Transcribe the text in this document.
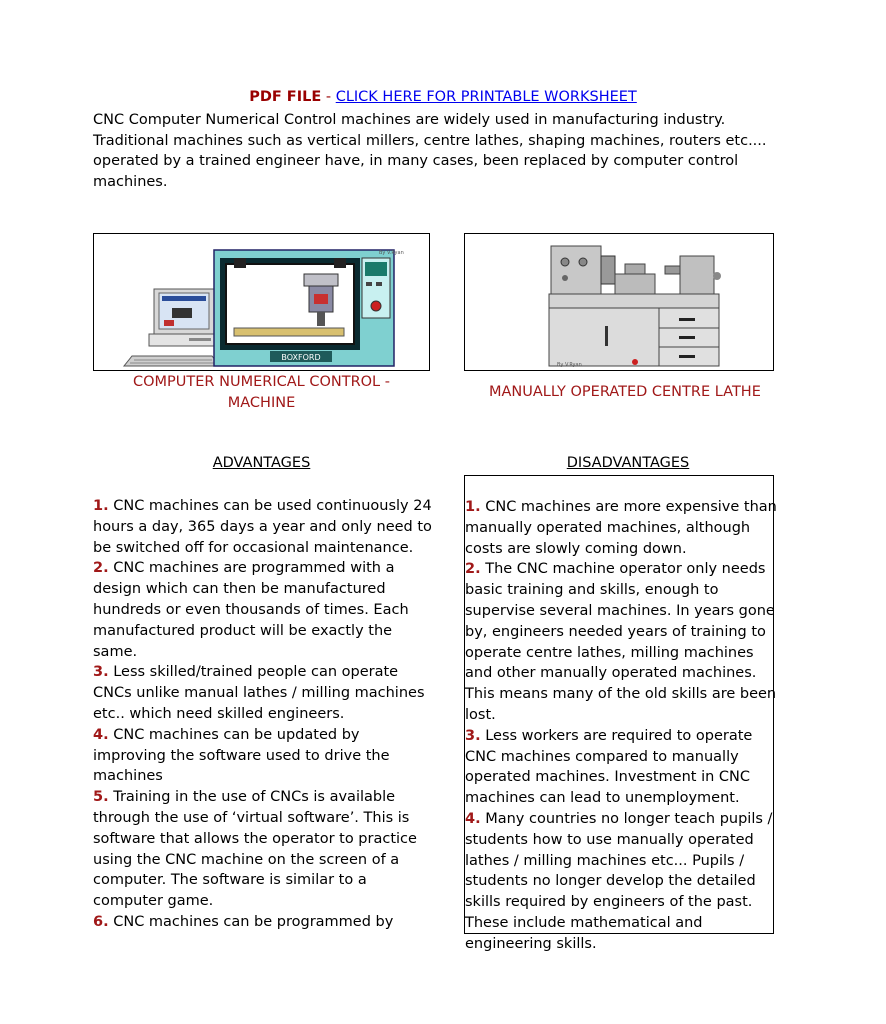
PDF FILE - CLICK HERE FOR PRINTABLE WORKSHEET
CNC Computer Numerical Control machines are widely used in manufacturing industry. Traditional machines such as vertical millers, centre lathes, shaping machines, routers etc.... operated by a trained engineer have, in many cases, been replaced by computer control machines.
BOXFORD
By V.Ryan
By V.Ryan
COMPUTER NUMERICAL CONTROL -
MACHINE
MANUALLY OPERATED CENTRE LATHE
ADVANTAGES	DISADVANTAGES

1. CNC machines can be used continuously 24 hours a day, 365 days a year and only need to be switched off for occasional maintenance.

2. CNC machines are programmed with a design which can then be manufactured hundreds or even thousands of times. Each manufactured product will be exactly the same.

3. Less skilled/trained people can operate CNCs unlike manual lathes / milling machines etc.. which need skilled engineers.

4. CNC machines can be updated by improving the software used to drive the machines

5. Training in the use of CNCs is available through the use of ‘virtual software’. This is software that allows the operator to practice using the CNC machine on the screen of a computer. The software is similar to a computer game.

6. CNC machines can be programmed by

1. CNC machines are more expensive than manually operated machines, although costs are slowly coming down.

2. The CNC machine operator only needs basic training and skills, enough to supervise several machines. In years gone by, engineers needed years of training to operate centre lathes, milling machines and other manually operated machines. This means many of the old skills are been lost.

3. Less workers are required to operate CNC machines compared to manually operated machines. Investment in CNC machines can lead to unemployment.

4. Many countries no longer teach pupils / students how to use manually operated lathes / milling machines etc... Pupils / students no longer develop the detailed skills required by engineers of the past. These include mathematical and engineering skills.
